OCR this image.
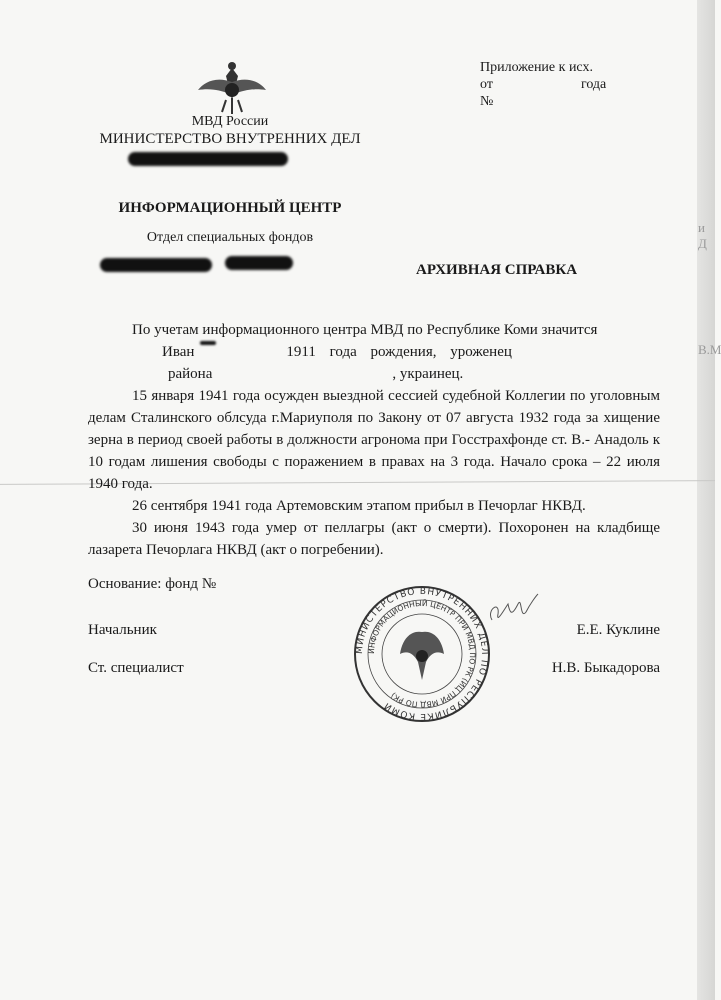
МВД России
МИНИСТЕРСТВО ВНУТРЕННИХ ДЕЛ
ИНФОРМАЦИОННЫЙ ЦЕНТР
Отдел специальных фондов
Приложение к исх.
от	года
№
АРХИВНАЯ СПРАВКА
и Д
В.М
По учетам информационного центра МВД по Республике Коми значится
Иван	1911 года рождения, уроженец
района	, украинец.

15 января 1941 года осужден выездной сессией судебной Коллегии по уголовным делам Сталинского облсуда г.Мариуполя по Закону от 07 августа 1932 года за хищение зерна в период своей работы в должности агронома при Госстрахфонде ст. В.- Анадоль к 10 годам лишения свободы с поражением в правах на 3 года. Начало срока – 22 июля 1940 года.

26 сентября 1941 года Артемовским этапом прибыл в Печорлаг НКВД.

30 июня 1943 года умер от пеллагры (акт о смерти). Похоронен на кладбище лазарета Печорлага НКВД (акт о погребении).

Основание: фонд №
Начальник	Е.Е. Куклине
Ст. специалист	Н.В. Быкадорова
МИНИСТЕРСТВО ВНУТРЕННИХ ДЕЛ ПО РЕСПУБЛИКЕ КОМИ
ИНФОРМАЦИОННЫЙ ЦЕНТР ПРИ МВД ПО РК (ИЦ ПРИ МВД ПО РК)
